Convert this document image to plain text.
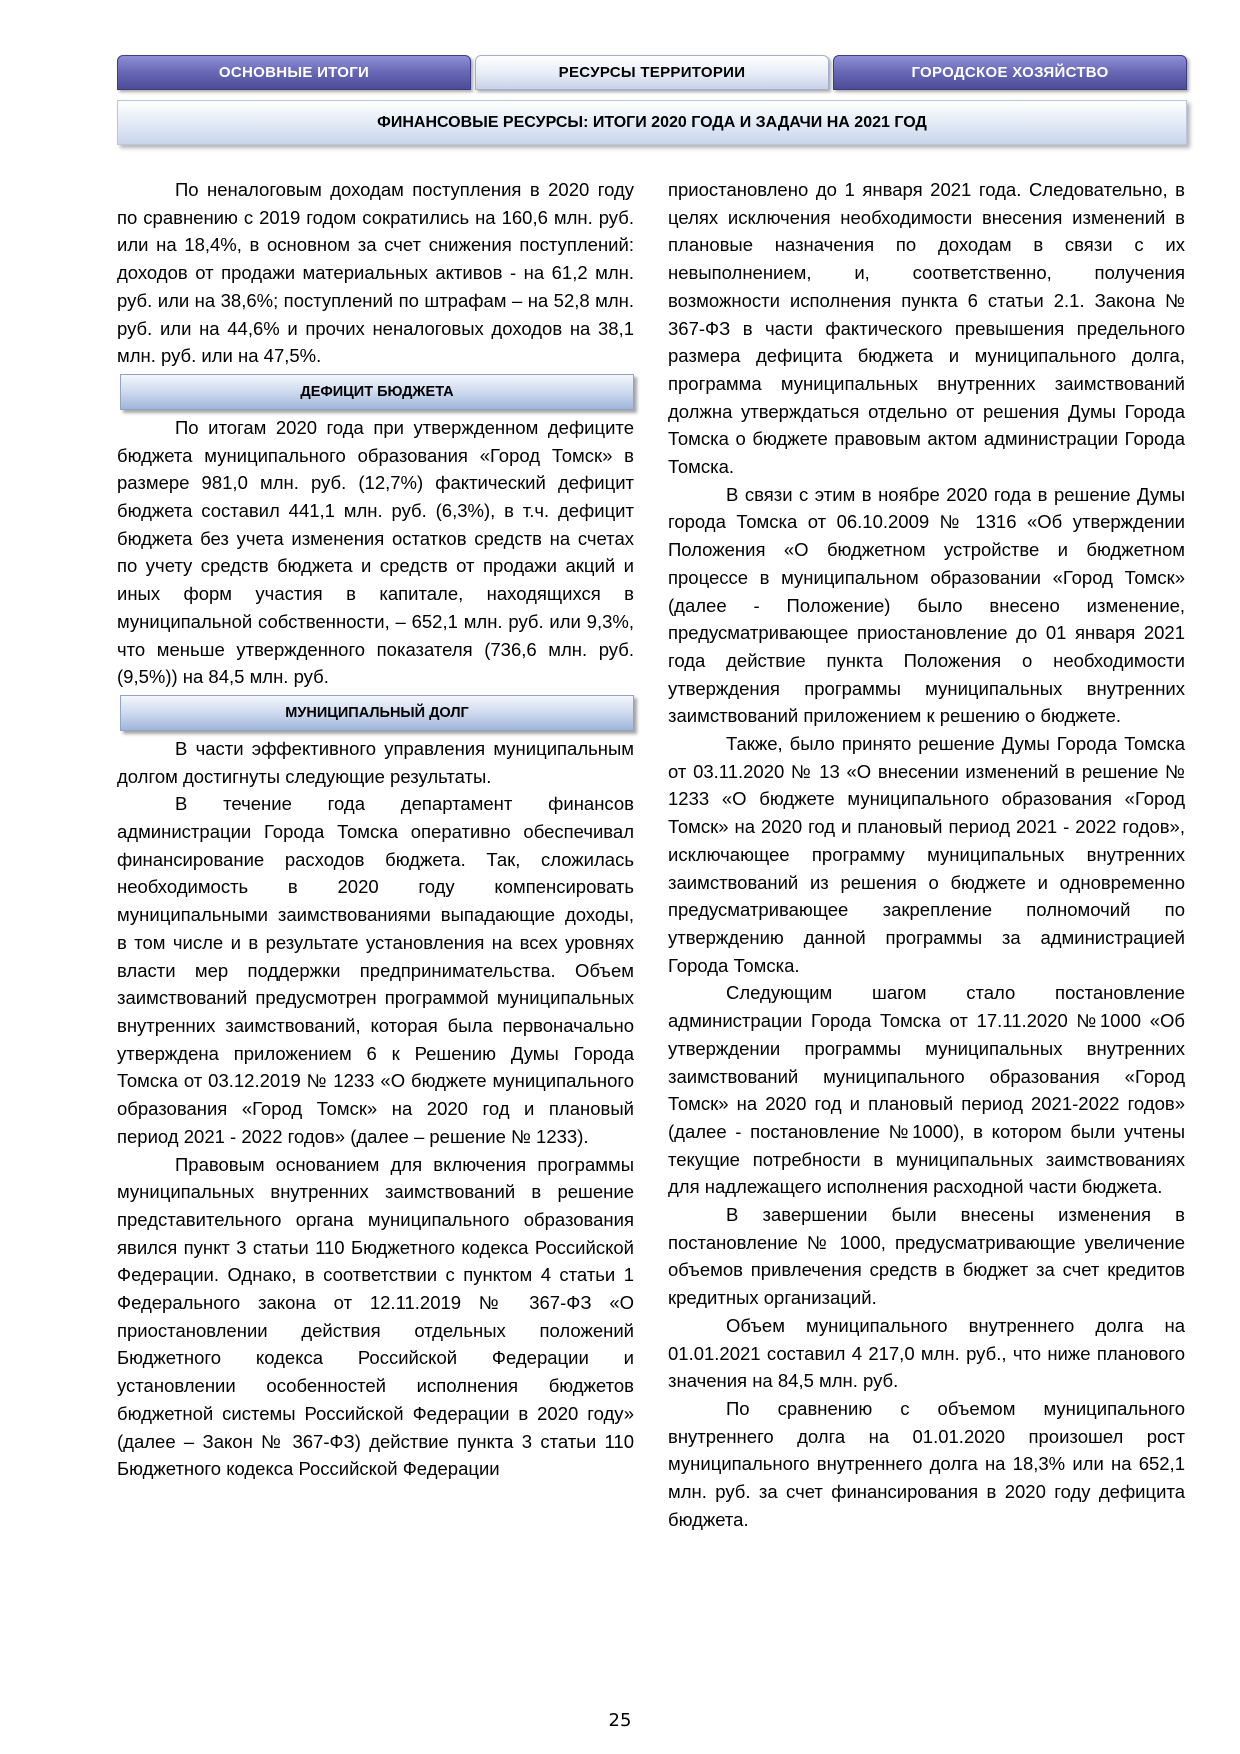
ОСНОВНЫЕ ИТОГИ	РЕСУРСЫ ТЕРРИТОРИИ	ГОРОДСКОЕ ХОЗЯЙСТВО
ФИНАНСОВЫЕ РЕСУРСЫ: ИТОГИ 2020 ГОДА И ЗАДАЧИ НА 2021 ГОД

По неналоговым доходам поступления в 2020 году по сравнению с 2019 годом сократились на 160,6 млн. руб. или на 18,4%, в основном за счет снижения поступлений: доходов от продажи материальных активов - на 61,2 млн. руб. или на 38,6%; поступлений по штрафам – на 52,8 млн. руб. или на 44,6% и прочих неналоговых доходов на 38,1 млн. руб. или на 47,5%.

ДЕФИЦИТ БЮДЖЕТА

По итогам 2020 года при утвержденном дефиците бюджета муниципального образования «Город Томск» в размере 981,0 млн. руб. (12,7%) фактический дефицит бюджета составил 441,1 млн. руб. (6,3%), в т.ч. дефицит бюджета без учета изменения остатков средств на счетах по учету средств бюджета и средств от продажи акций и иных форм участия в капитале, находящихся в муниципальной собственности, – 652,1 млн. руб. или 9,3%, что меньше утвержденного показателя (736,6 млн. руб. (9,5%)) на 84,5 млн. руб.

МУНИЦИПАЛЬНЫЙ ДОЛГ

В части эффективного управления муниципальным долгом достигнуты следующие результаты.

В течение года департамент финансов администрации Города Томска оперативно обеспечивал финансирование расходов бюджета. Так, сложилась необходимость в 2020 году компенсировать муниципальными заимствованиями выпадающие доходы, в том числе и в результате установления на всех уровнях власти мер поддержки предпринимательства. Объем заимствований предусмотрен программой муниципальных внутренних заимствований, которая была первоначально утверждена приложением 6 к Решению Думы Города Томска от 03.12.2019 № 1233 «О бюджете муниципального образования «Город Томск» на 2020 год и плановый период 2021 - 2022 годов» (далее – решение № 1233).

Правовым основанием для включения программы муниципальных внутренних заимствований в решение представительного органа муниципального образования явился пункт 3 статьи 110 Бюджетного кодекса Российской Федерации. Однако, в соответствии с пунктом 4 статьи 1 Федерального закона от 12.11.2019 № 367-ФЗ «О приостановлении действия отдельных положений Бюджетного кодекса Российской Федерации и установлении особенностей исполнения бюджетов бюджетной системы Российской Федерации в 2020 году» (далее – Закон № 367-ФЗ) действие пункта 3 статьи 110 Бюджетного кодекса Российской Федерации

приостановлено до 1 января 2021 года. Следовательно, в целях исключения необходимости внесения изменений в плановые назначения по доходам в связи с их невыполнением, и, соответственно, получения возможности исполнения пункта 6 статьи 2.1. Закона № 367-ФЗ в части фактического превышения предельного размера дефицита бюджета и муниципального долга, программа муниципальных внутренних заимствований должна утверждаться отдельно от решения Думы Города Томска о бюджете правовым актом администрации Города Томска.

В связи с этим в ноябре 2020 года в решение Думы города Томска от 06.10.2009 № 1316 «Об утверждении Положения «О бюджетном устройстве и бюджетном процессе в муниципальном образовании «Город Томск» (далее - Положение) было внесено изменение, предусматривающее приостановление до 01 января 2021 года действие пункта Положения о необходимости утверждения программы муниципальных внутренних заимствований приложением к решению о бюджете.

Также, было принято решение Думы Города Томска от 03.11.2020 № 13 «О внесении изменений в решение № 1233 «О бюджете муниципального образования «Город Томск» на 2020 год и плановый период 2021 - 2022 годов», исключающее программу муниципальных внутренних заимствований из решения о бюджете и одновременно предусматривающее закрепление полномочий по утверждению данной программы за администрацией Города Томска.

Следующим шагом стало постановление администрации Города Томска от 17.11.2020 №1000 «Об утверждении программы муниципальных внутренних заимствований муниципального образования «Город Томск» на 2020 год и плановый период 2021-2022 годов» (далее - постановление №1000), в котором были учтены текущие потребности в муниципальных заимствованиях для надлежащего исполнения расходной части бюджета.

В завершении были внесены изменения в постановление № 1000, предусматривающие увеличение объемов привлечения средств в бюджет за счет кредитов кредитных организаций.

Объем муниципального внутреннего долга на 01.01.2021 составил 4 217,0 млн. руб., что ниже планового значения на 84,5 млн. руб.

По сравнению с объемом муниципального внутреннего долга на 01.01.2020 произошел рост муниципального внутреннего долга на 18,3% или на 652,1 млн. руб. за счет финансирования в 2020 году дефицита бюджета.

25
